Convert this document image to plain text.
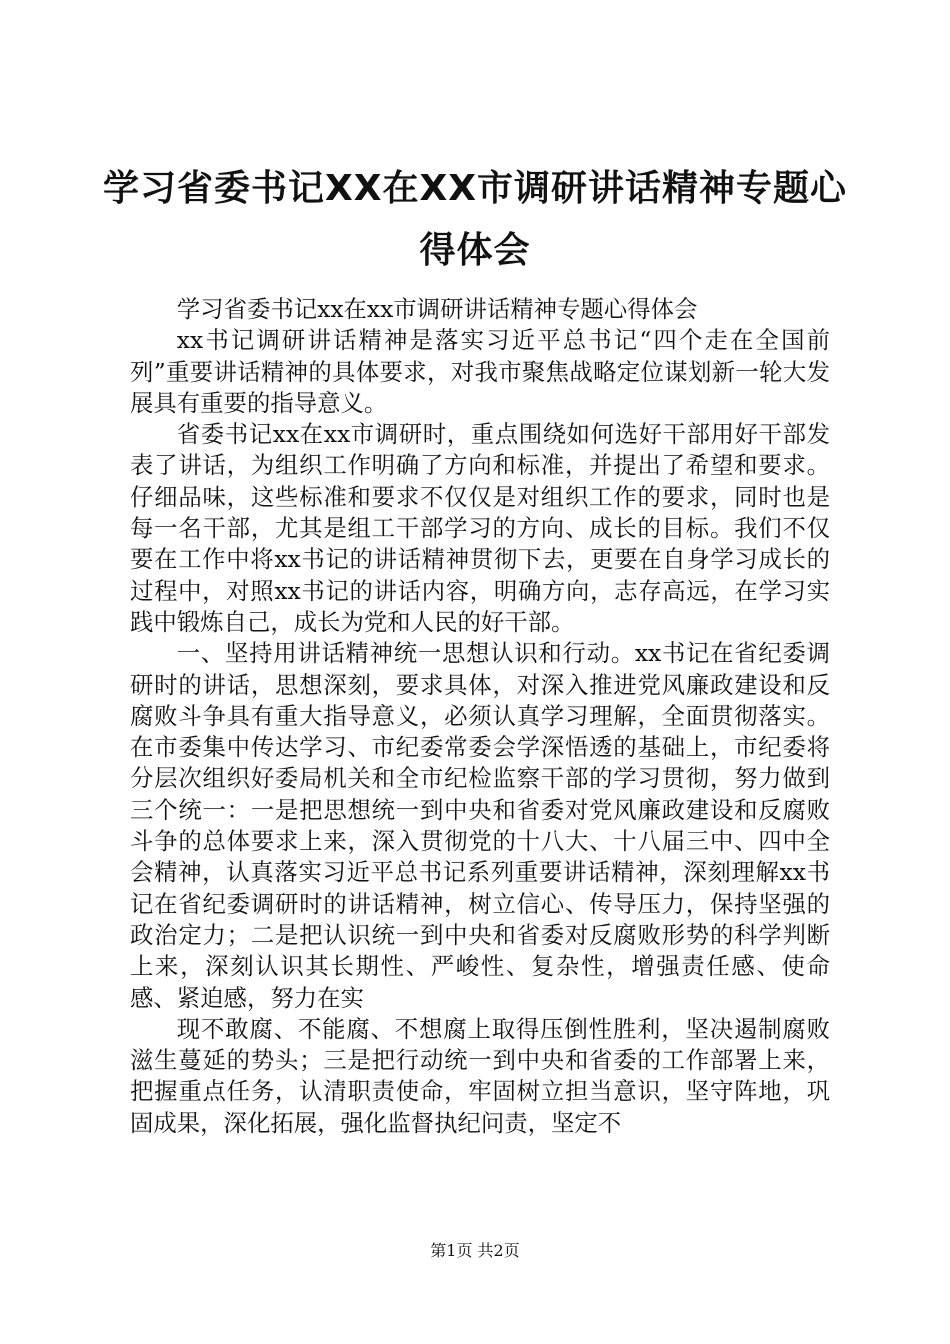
学习省委书记XX在XX市调研讲话精神专题心
得体会

学习省委书记xx在xx市调研讲话精神专题心得体会

xx书记调研讲话精神是落实习近平总书记“四个走在全国前列”重要讲话精神的具体要求，对我市聚焦战略定位谋划新一轮大发展具有重要的指导意义。

省委书记xx在xx市调研时，重点围绕如何选好干部用好干部发表了讲话，为组织工作明确了方向和标准，并提出了希望和要求。仔细品味，这些标准和要求不仅仅是对组织工作的要求，同时也是每一名干部，尤其是组工干部学习的方向、成长的目标。我们不仅要在工作中将xx书记的讲话精神贯彻下去，更要在自身学习成长的过程中，对照xx书记的讲话内容，明确方向，志存高远，在学习实践中锻炼自己，成长为党和人民的好干部。

一、坚持用讲话精神统一思想认识和行动。xx书记在省纪委调研时的讲话，思想深刻，要求具体，对深入推进党风廉政建设和反腐败斗争具有重大指导意义，必须认真学习理解，全面贯彻落实。在市委集中传达学习、市纪委常委会学深悟透的基础上，市纪委将分层次组织好委局机关和全市纪检监察干部的学习贯彻，努力做到三个统一：一是把思想统一到中央和省委对党风廉政建设和反腐败斗争的总体要求上来，深入贯彻党的十八大、十八届三中、四中全会精神，认真落实习近平总书记系列重要讲话精神，深刻理解xx书记在省纪委调研时的讲话精神，树立信心、传导压力，保持坚强的政治定力；二是把认识统一到中央和省委对反腐败形势的科学判断上来，深刻认识其长期性、严峻性、复杂性，增强责任感、使命感、紧迫感，努力在实

现不敢腐、不能腐、不想腐上取得压倒性胜利，坚决遏制腐败滋生蔓延的势头；三是把行动统一到中央和省委的工作部署上来，把握重点任务，认清职责使命，牢固树立担当意识，坚守阵地，巩固成果，深化拓展，强化监督执纪问责，坚定不

第1页 共2页
